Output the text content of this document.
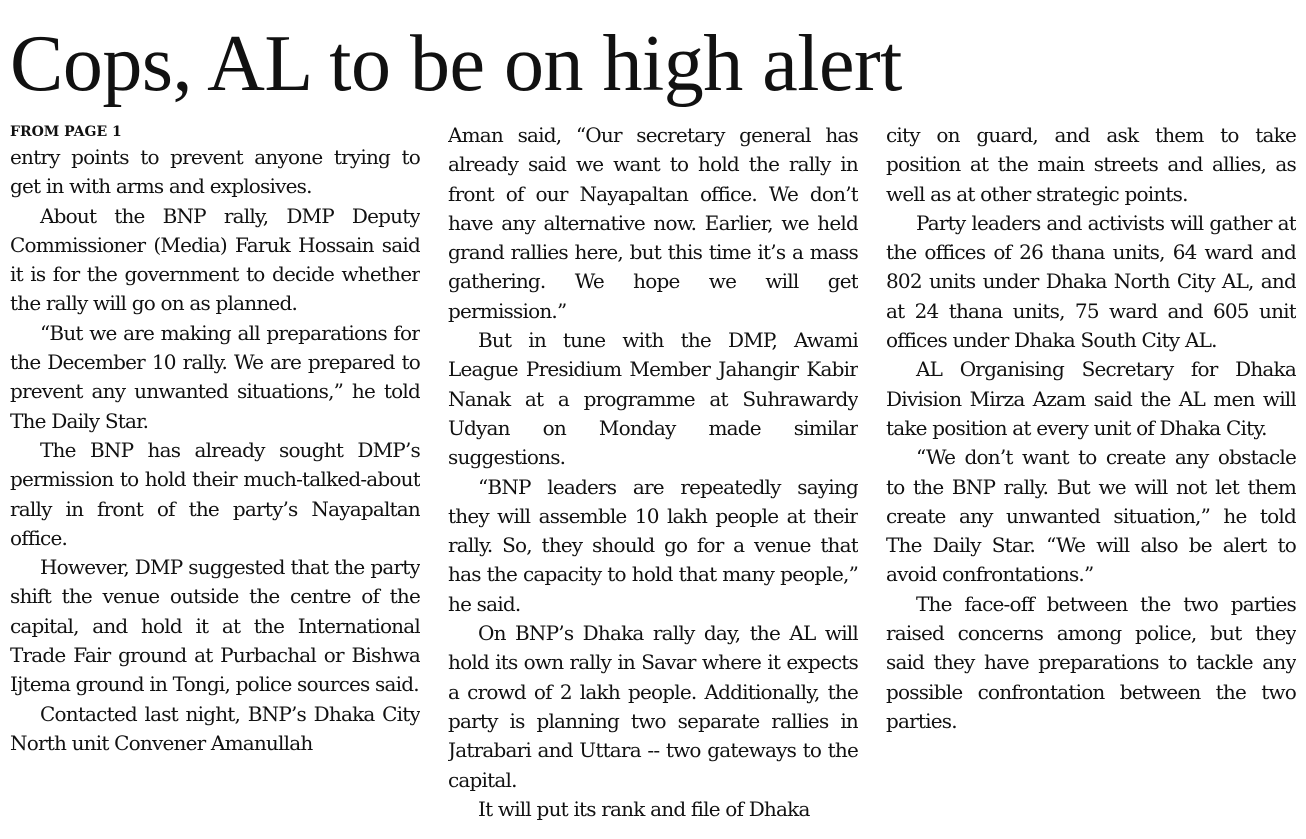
Cops, AL to be on high alert
FROM PAGE 1

entry points to prevent anyone trying to get in with arms and explosives.

About the BNP rally, DMP Deputy Commissioner (Media) Faruk Hossain said it is for the government to decide whether the rally will go on as planned.

“But we are making all preparations for the December 10 rally. We are prepared to prevent any unwanted situations,” he told The Daily Star.

The BNP has already sought DMP’s permission to hold their much-talked-about rally in front of the party’s Nayapaltan office.

However, DMP suggested that the party shift the venue outside the centre of the capital, and hold it at the International Trade Fair ground at Purbachal or Bishwa Ijtema ground in Tongi, police sources said.

Contacted last night, BNP’s Dhaka City North unit Convener Amanullah

Aman said, “Our secretary general has already said we want to hold the rally in front of our Nayapaltan office. We don’t have any alternative now. Earlier, we held grand rallies here, but this time it’s a mass gathering. We hope we will get permission.”

But in tune with the DMP, Awami League Presidium Member Jahangir Kabir Nanak at a programme at Suhrawardy Udyan on Monday made similar suggestions.

“BNP leaders are repeatedly saying they will assemble 10 lakh people at their rally. So, they should go for a venue that has the capacity to hold that many people,” he said.

On BNP’s Dhaka rally day, the AL will hold its own rally in Savar where it expects a crowd of 2 lakh people. Additionally, the party is planning two separate rallies in Jatrabari and Uttara -- two gateways to the capital.

It will put its rank and file of Dhaka

city on guard, and ask them to take position at the main streets and allies, as well as at other strategic points.

Party leaders and activists will gather at the offices of 26 thana units, 64 ward and 802 units under Dhaka North City AL, and at 24 thana units, 75 ward and 605 unit offices under Dhaka South City AL.

AL Organising Secretary for Dhaka Division Mirza Azam said the AL men will take position at every unit of Dhaka City.

“We don’t want to create any obstacle to the BNP rally. But we will not let them create any unwanted situation,” he told The Daily Star. “We will also be alert to avoid confrontations.”

The face-off between the two parties raised concerns among police, but they said they have preparations to tackle any possible confrontation between the two parties.
